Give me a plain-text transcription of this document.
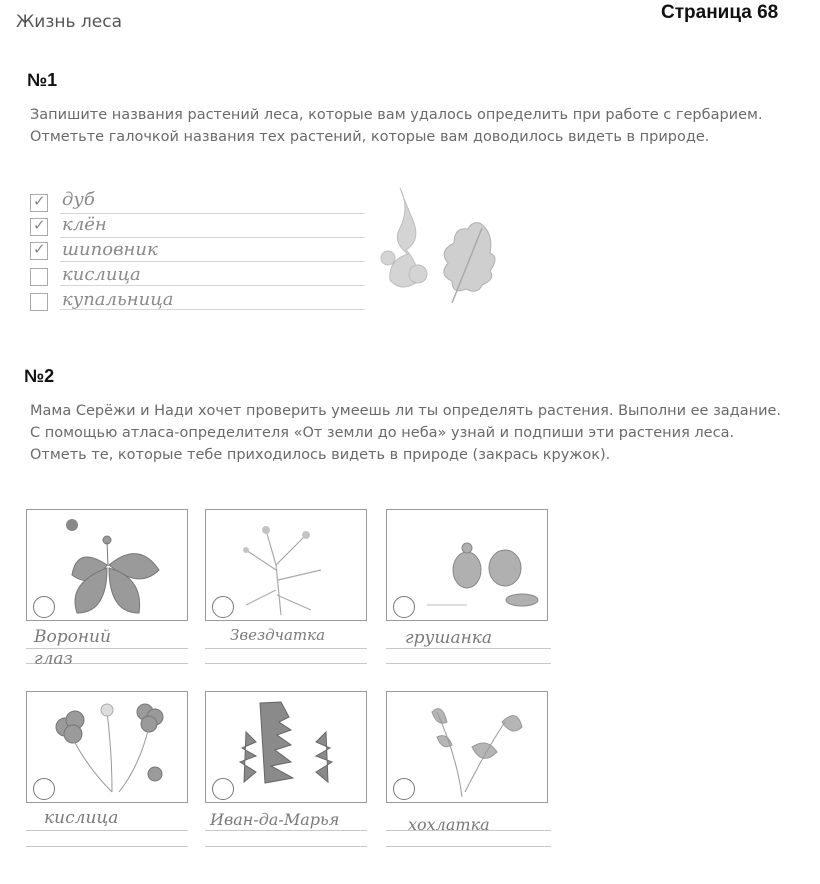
Жизнь леса	Страница 68
№1
Запишите названия растений леса, которые вам удалось определить при работе с гербарием. Отметьте галочкой названия тех растений, которые вам доводилось видеть в природе.
✓ дуб
✓ клён
✓ шиповник
кислица
купальница
№2
Мама Серёжи и Нади хочет проверить умеешь ли ты определять растения. Выполни ее задание. С помощью атласа-определителя «От земли до неба» узнай и подпиши эти растения леса. Отметь те, которые тебе приходилось видеть в природе (закрась кружок).
Вороний глаз
Звездчатка	грушанка
кислица	Иван-да-Марья	хохлатка
